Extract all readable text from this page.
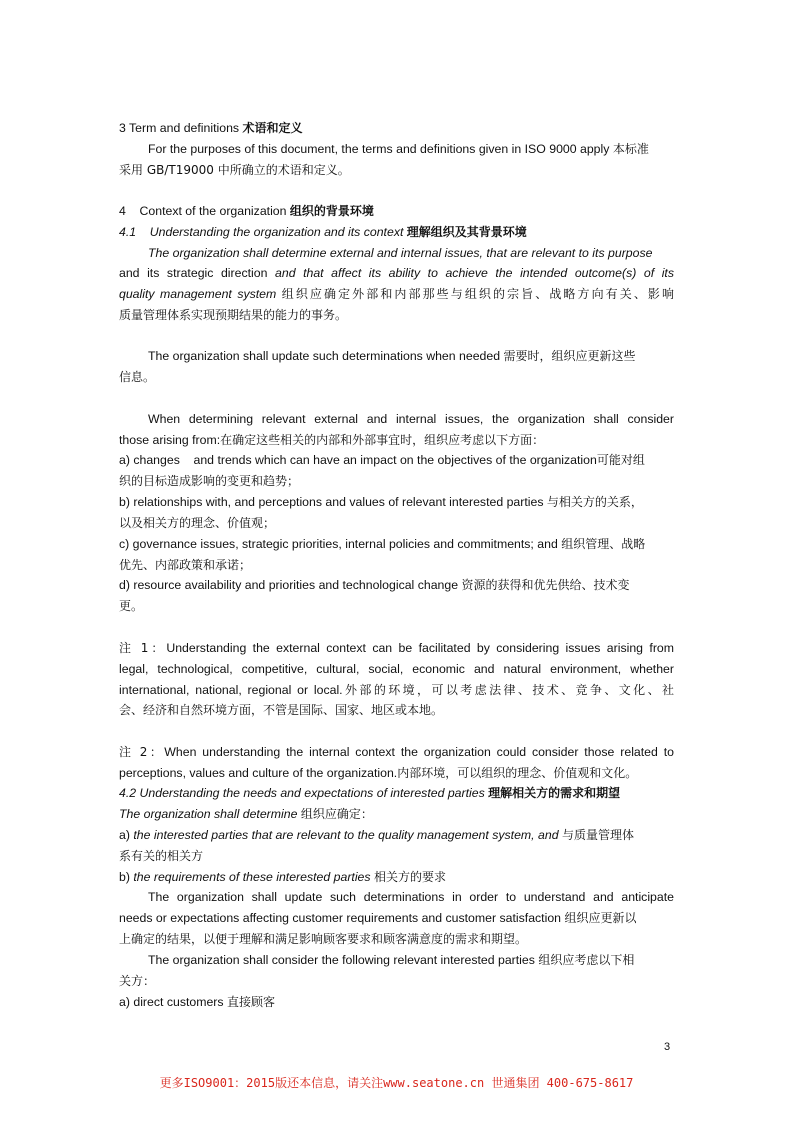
3 Term and definitions 术语和定义
For the purposes of this document, the terms and definitions given in ISO 9000 apply 本标准
采用 GB/T19000 中所确立的术语和定义。
4    Context of the organization 组织的背景环境
4.1    Understanding the organization and its context 理解组织及其背景环境
The organization shall determine external and internal issues, that are relevant to its purpose
and its strategic direction and that affect its ability to achieve the intended outcome(s) of its
quality management system 组织应确定外部和内部那些与组织的宗旨、战略方向有关、影响
质量管理体系实现预期结果的能力的事务。
The organization shall update such determinations when needed 需要时，组织应更新这些
信息。
When determining relevant external and internal issues, the organization shall consider
those arising from:在确定这些相关的内部和外部事宜时，组织应考虑以下方面：
a) changes    and trends which can have an impact on the objectives of the organization可能对组
织的目标造成影响的变更和趋势；
b) relationships with, and perceptions and values of relevant interested parties 与相关方的关系，
以及相关方的理念、价值观；
c) governance issues, strategic priorities, internal policies and commitments; and 组织管理、战略
优先、内部政策和承诺；
d) resource availability and priorities and technological change 资源的获得和优先供给、技术变
更。
注 1：Understanding the external context can be facilitated by considering issues arising from
legal, technological, competitive, cultural, social, economic and natural environment, whether
international, national, regional or local.外部的环境，可以考虑法律、技术、竞争、文化、社
会、经济和自然环境方面，不管是国际、国家、地区或本地。
注 2：When understanding the internal context the organization could consider those related to
perceptions, values and culture of the organization.内部环境，可以组织的理念、价值观和文化。
4.2 Understanding the needs and expectations of interested parties 理解相关方的需求和期望
The organization shall determine 组织应确定：
a) the interested parties that are relevant to the quality management system, and 与质量管理体
系有关的相关方
b) the requirements of these interested parties 相关方的要求
The organization shall update such determinations in order to understand and anticipate
needs or expectations affecting customer requirements and customer satisfaction 组织应更新以
上确定的结果，以便于理解和满足影响顾客要求和顾客满意度的需求和期望。
The organization shall consider the following relevant interested parties 组织应考虑以下相
关方：
a) direct customers 直接顾客
3
更多ISO9001：2015版还本信息，请关注www.seatone.cn 世通集团 400-675-8617
